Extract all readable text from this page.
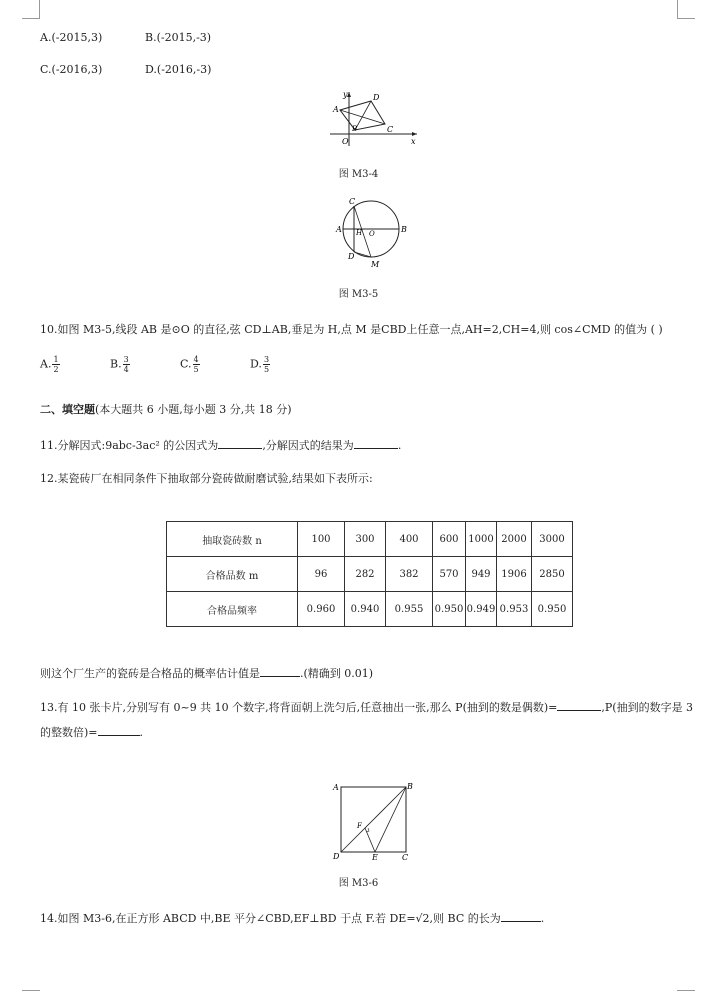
A.(-2015,3)	B.(-2015,-3)
C.(-2016,3)	D.(-2016,-3)
y
A
D
B	C
O	x
图 M3-4
C
A H O	B
D
M
图 M3-5
10.如图 M3-5,线段 AB 是⊙O 的直径,弦 CD⊥AB,垂足为 H,点 M 是CBD上任意一点,AH=2,CH=4,则 cos∠CMD 的值为 ( )
A. $\frac{1}{2}$	B. $\frac{3}{4}$	C. $\frac{4}{5}$	D. $\frac{3}{5}$
二、填空题(本大题共 6 小题,每小题 3 分,共 18 分)
11.分解因式:9abc-3ac² 的公因式为	,分解因式的结果为	.
12.某瓷砖厂在相同条件下抽取部分瓷砖做耐磨试验,结果如下表所示:
抽取瓷砖数 n	100	300	400	600	1000	2000	3000
合格品数 m	96	282	382	570	949	1906	2850
合格品频率	0.960	0.940	0.955	0.950	0.949	0.953	0.950
则这个厂生产的瓷砖是合格品的概率估计值是	.(精确到 0.01)
13.有 10 张卡片,分别写有 0~9 共 10 个数字,将背面朝上洗匀后,任意抽出一张,那么 P(抽到的数是偶数)=	,P(抽到的数字是 3
的整数倍)=	.
A	B
F
D	E	C
图 M3-6
14.如图 M3-6,在正方形 ABCD 中,BE 平分∠CBD,EF⊥BD 于点 F.若 DE=√2,则 BC 的长为	.
